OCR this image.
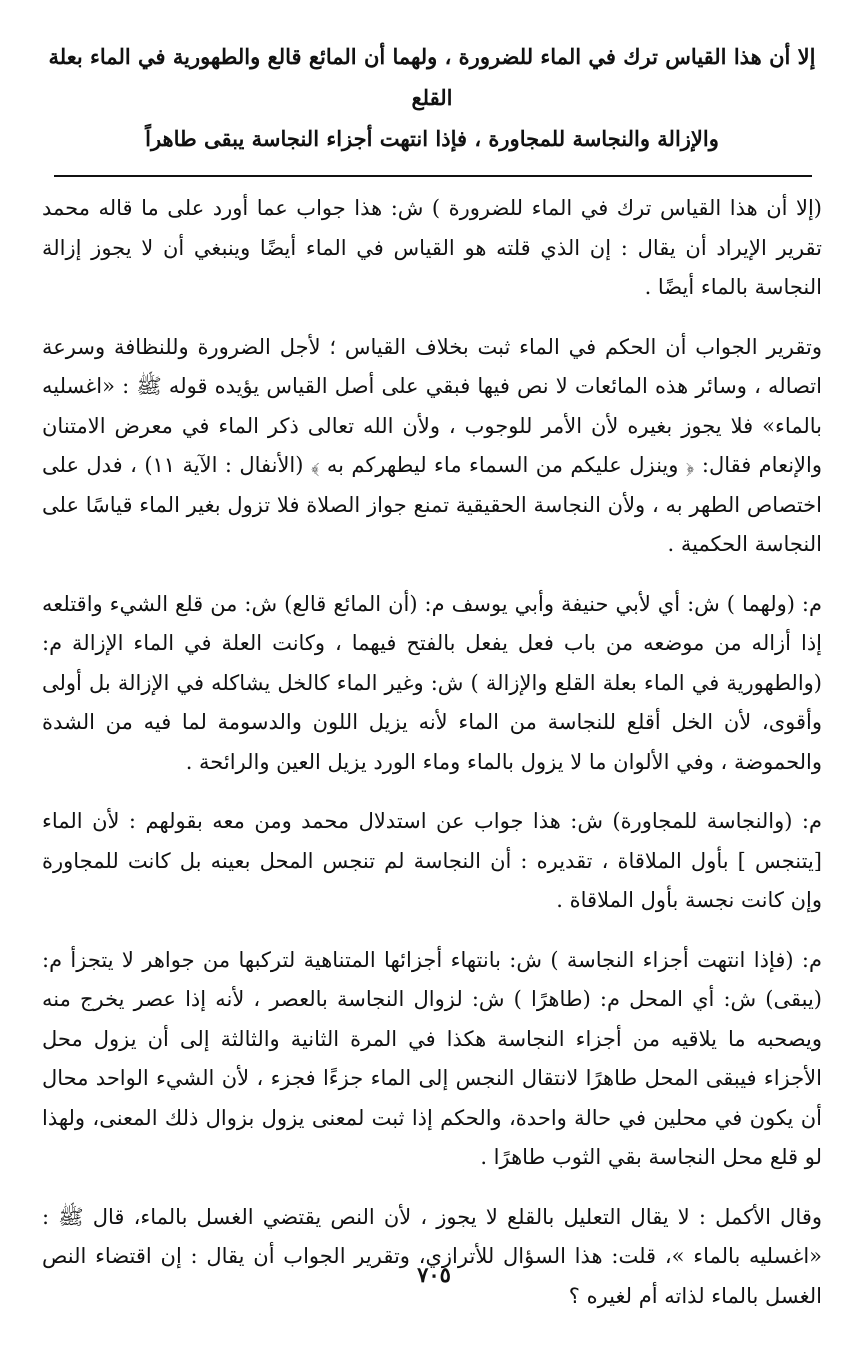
إلا أن هذا القياس ترك في الماء للضرورة ، ولهما أن المائع قالع والطهورية في الماء بعلة القلع
والإزالة والنجاسة للمجاورة ، فإذا انتهت أجزاء النجاسة يبقى طاهراً

(إلا أن هذا القياس ترك في الماء للضرورة ) ش: هذا جواب عما أورد على ما قاله محمد تقرير الإيراد أن يقال : إن الذي قلته هو القياس في الماء أيضًا وينبغي أن لا يجوز إزالة النجاسة بالماء أيضًا .

وتقرير الجواب أن الحكم في الماء ثبت بخلاف القياس ؛ لأجل الضرورة وللنظافة وسرعة اتصاله ، وسائر هذه المائعات لا نص فيها فبقي على أصل القياس يؤيده قوله ﷺ : «اغسليه بالماء» فلا يجوز بغيره لأن الأمر للوجوب ، ولأن الله تعالى ذكر الماء في معرض الامتنان والإنعام فقال: ﴿ وينزل عليكم من السماء ماء ليطهركم به ﴾ (الأنفال : الآية ١١) ، فدل على اختصاص الطهر به ، ولأن النجاسة الحقيقية تمنع جواز الصلاة فلا تزول بغير الماء قياسًا على النجاسة الحكمية .

م: (ولهما ) ش: أي لأبي حنيفة وأبي يوسف م: (أن المائع قالع) ش: من قلع الشيء واقتلعه إذا أزاله من موضعه من باب فعل يفعل بالفتح فيهما ، وكانت العلة في الماء الإزالة م: (والطهورية في الماء بعلة القلع والإزالة ) ش: وغير الماء كالخل يشاكله في الإزالة بل أولى وأقوى، لأن الخل أقلع للنجاسة من الماء لأنه يزيل اللون والدسومة لما فيه من الشدة والحموضة ، وفي الألوان ما لا يزول بالماء وماء الورد يزيل العين والرائحة .

م: (والنجاسة للمجاورة) ش: هذا جواب عن استدلال محمد ومن معه بقولهم : لأن الماء [يتنجس ] بأول الملاقاة ، تقديره : أن النجاسة لم تنجس المحل بعينه بل كانت للمجاورة وإن كانت نجسة بأول الملاقاة .

م: (فإذا انتهت أجزاء النجاسة ) ش: بانتهاء أجزائها المتناهية لتركبها من جواهر لا يتجزأ م: (يبقى) ش: أي المحل م: (طاهرًا ) ش: لزوال النجاسة بالعصر ، لأنه إذا عصر يخرج منه ويصحبه ما يلاقيه من أجزاء النجاسة هكذا في المرة الثانية والثالثة إلى أن يزول محل الأجزاء فيبقى المحل طاهرًا لانتقال النجس إلى الماء جزءًا فجزء ، لأن الشيء الواحد محال أن يكون في محلين في حالة واحدة، والحكم إذا ثبت لمعنى يزول بزوال ذلك المعنى، ولهذا لو قلع محل النجاسة بقي الثوب طاهرًا .

وقال الأكمل : لا يقال التعليل بالقلع لا يجوز ، لأن النص يقتضي الغسل بالماء، قال ﷺ : «اغسليه بالماء »، قلت: هذا السؤال للأترازي، وتقرير الجواب أن يقال : إن اقتضاء النص الغسل بالماء لذاته أم لغيره ؟

٧٠٥
